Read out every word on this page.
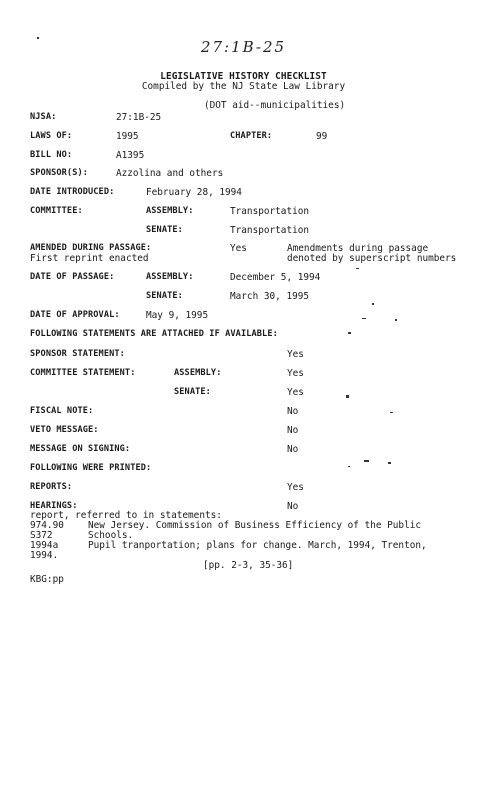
27:1B-25
LEGISLATIVE HISTORY CHECKLIST
Compiled by the NJ State Law Library
(DOT aid--municipalities)
NJSA:	27:1B-25
LAWS OF:	1995	CHAPTER:	99
BILL NO:	A1395
SPONSOR(S):	Azzolina and others
DATE INTRODUCED:	February 28, 1994
COMMITTEE:	ASSEMBLY:	Transportation
SENATE:	Transportation
AMENDED DURING PASSAGE:	Yes	Amendments during passage
First reprint enacted	denoted by superscript numbers
DATE OF PASSAGE:	ASSEMBLY:	December 5, 1994
SENATE:	March 30, 1995
DATE OF APPROVAL:	May 9, 1995
FOLLOWING STATEMENTS ARE ATTACHED IF AVAILABLE:
SPONSOR STATEMENT:	Yes
COMMITTEE STATEMENT:	ASSEMBLY:	Yes
SENATE:	Yes
FISCAL NOTE:	No
VETO MESSAGE:	No
MESSAGE ON SIGNING:	No
FOLLOWING WERE PRINTED:
REPORTS:	Yes
HEARINGS:	No
report, referred to in statements:
974.90	New Jersey. Commission of Business Efficiency of the Public
S372	Schools.
1994a	Pupil tranportation; plans for change. March, 1994, Trenton,
1994.
[pp. 2-3, 35-36]
KBG:pp
